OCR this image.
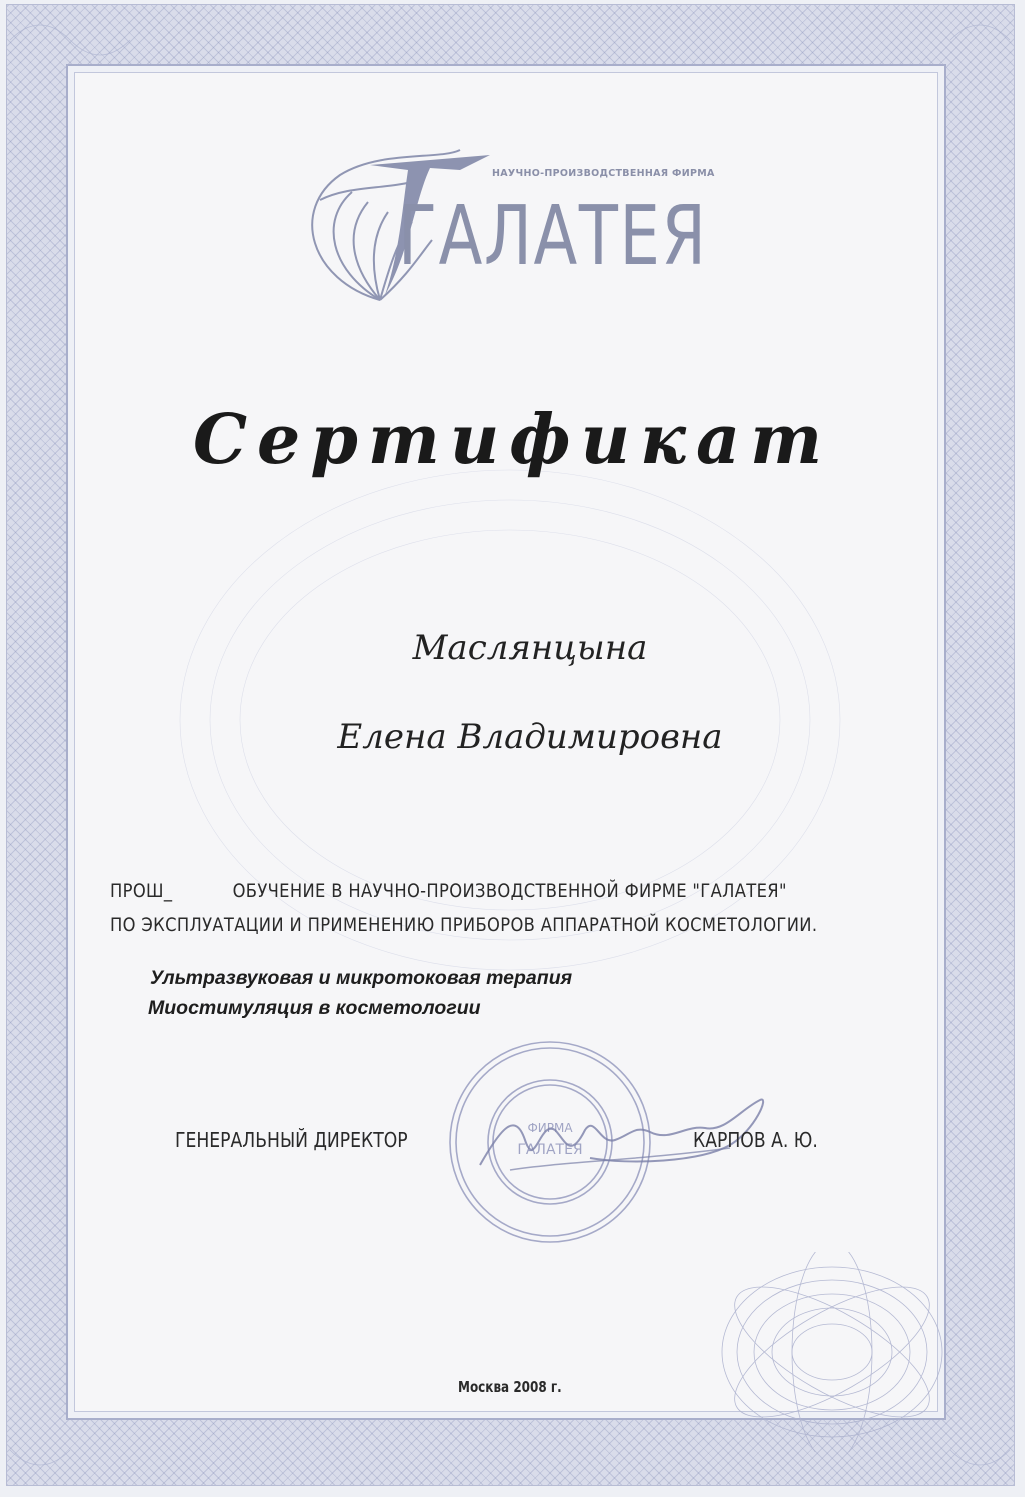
НАУЧНО-ПРОИЗВОДСТВЕННАЯ ФИРМА
ГАЛАТЕЯ
Сертификат
Маслянцына
Елена Владимировна
ПРОШ_	ОБУЧЕНИЕ В НАУЧНО-ПРОИЗВОДСТВЕННОЙ ФИРМЕ "ГАЛАТЕЯ"
ПО ЭКСПЛУАТАЦИИ И ПРИМЕНЕНИЮ ПРИБОРОВ АППАРАТНОЙ КОСМЕТОЛОГИИ.
Ультразвуковая и микротоковая терапия
Миостимуляция в косметологии
ФИРМА
ГАЛАТЕЯ
ГЕНЕРАЛЬНЫЙ ДИРЕКТОР	КАРПОВ А. Ю.
Москва 2008 г.
